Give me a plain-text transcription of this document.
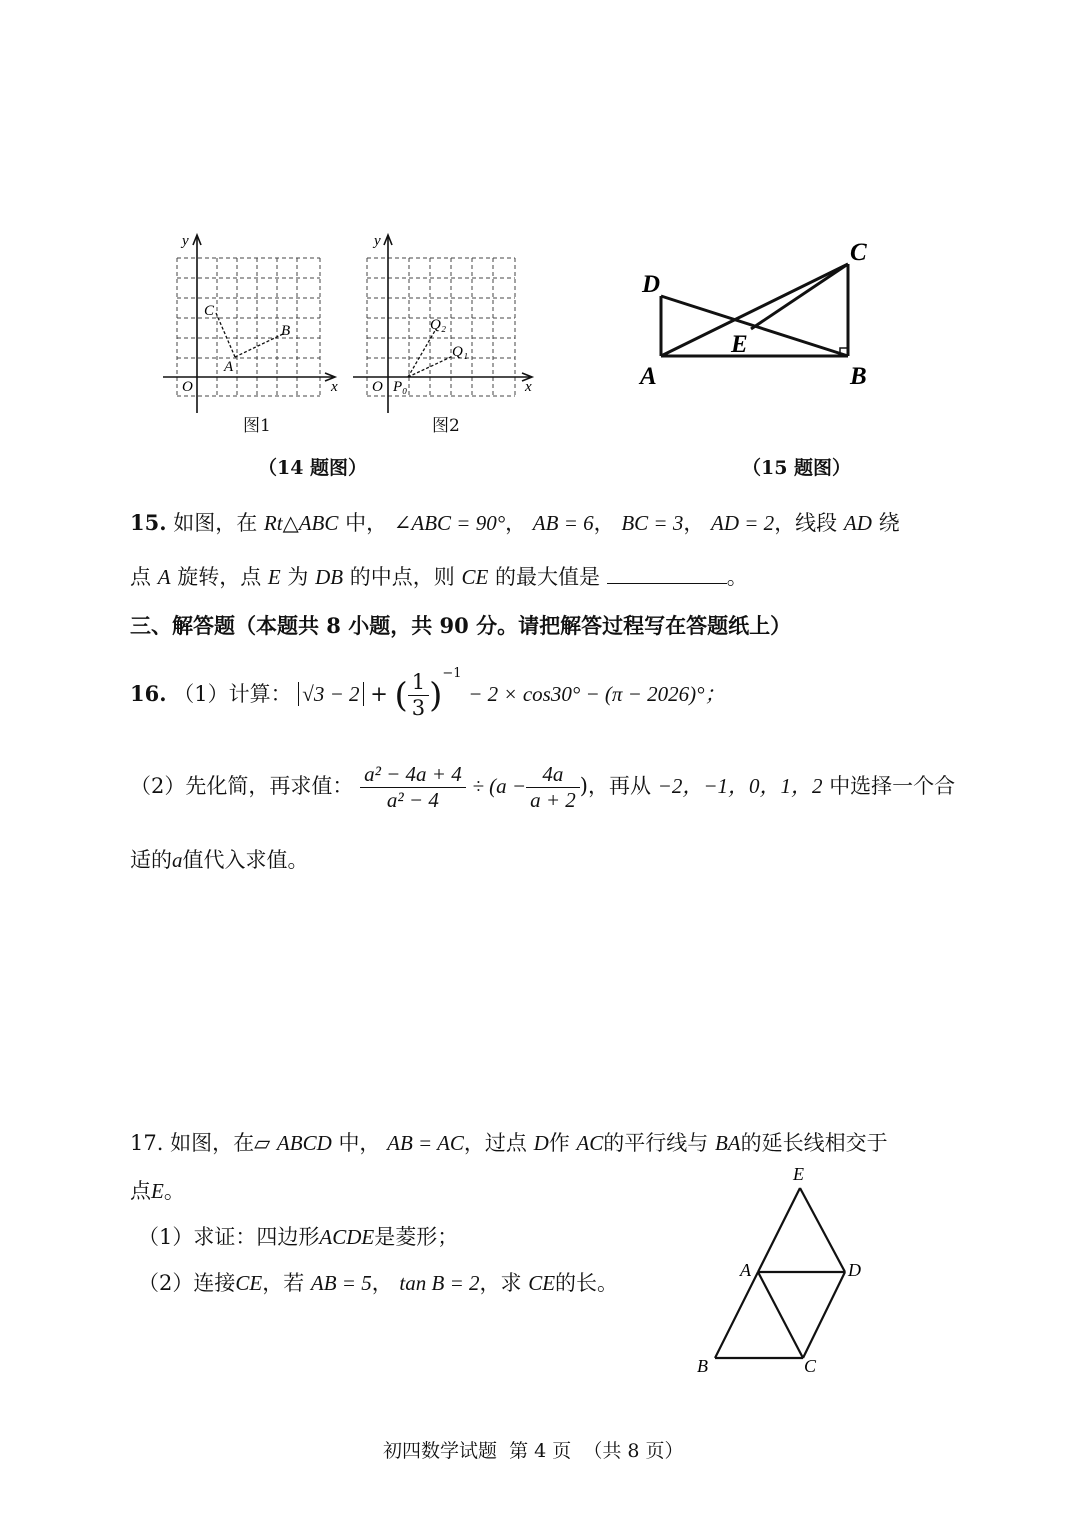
y
x
O
C
B
A
图1
y
x
O P₀
Q₂
Q₁
图2
（14 题图）
C
D
E
A	B
（15 题图）
15. 如图，在 Rt△ABC 中， ∠ABC = 90°， AB = 6， BC = 3， AD = 2，线段 AD 绕
点 A 旋转，点 E 为 DB 的中点，则 CE 的最大值是	。
三、解答题（本题共 8 小题，共 90 分。请把解答过程写在答题纸上）
16. （1）计算： √3 − 2 + ( $\frac{1}{3} )^{-1} - 2 \times \cos 30^\circ - (\pi - 2026)^\circ$；
（2）先化简，再求值： $\frac{\text{a² − 4a + 4}}{\text{a² − 4}} \div (a - \frac{4a}{a + 2}$ )，再从 −2，−1，0，1，2 中选择一个合
适的a值代入求值。
17. 如图，在▱ ABCD 中， AB = AC，过点 D作 AC的平行线与 BA的延长线相交于
点E。
（1）求证：四边形ACDE是菱形；
（2）连接CE，若 AB = 5， tan B = 2，求 CE的长。
E
A	D
B	C
初四数学试题  第 4 页  （共 8 页）
